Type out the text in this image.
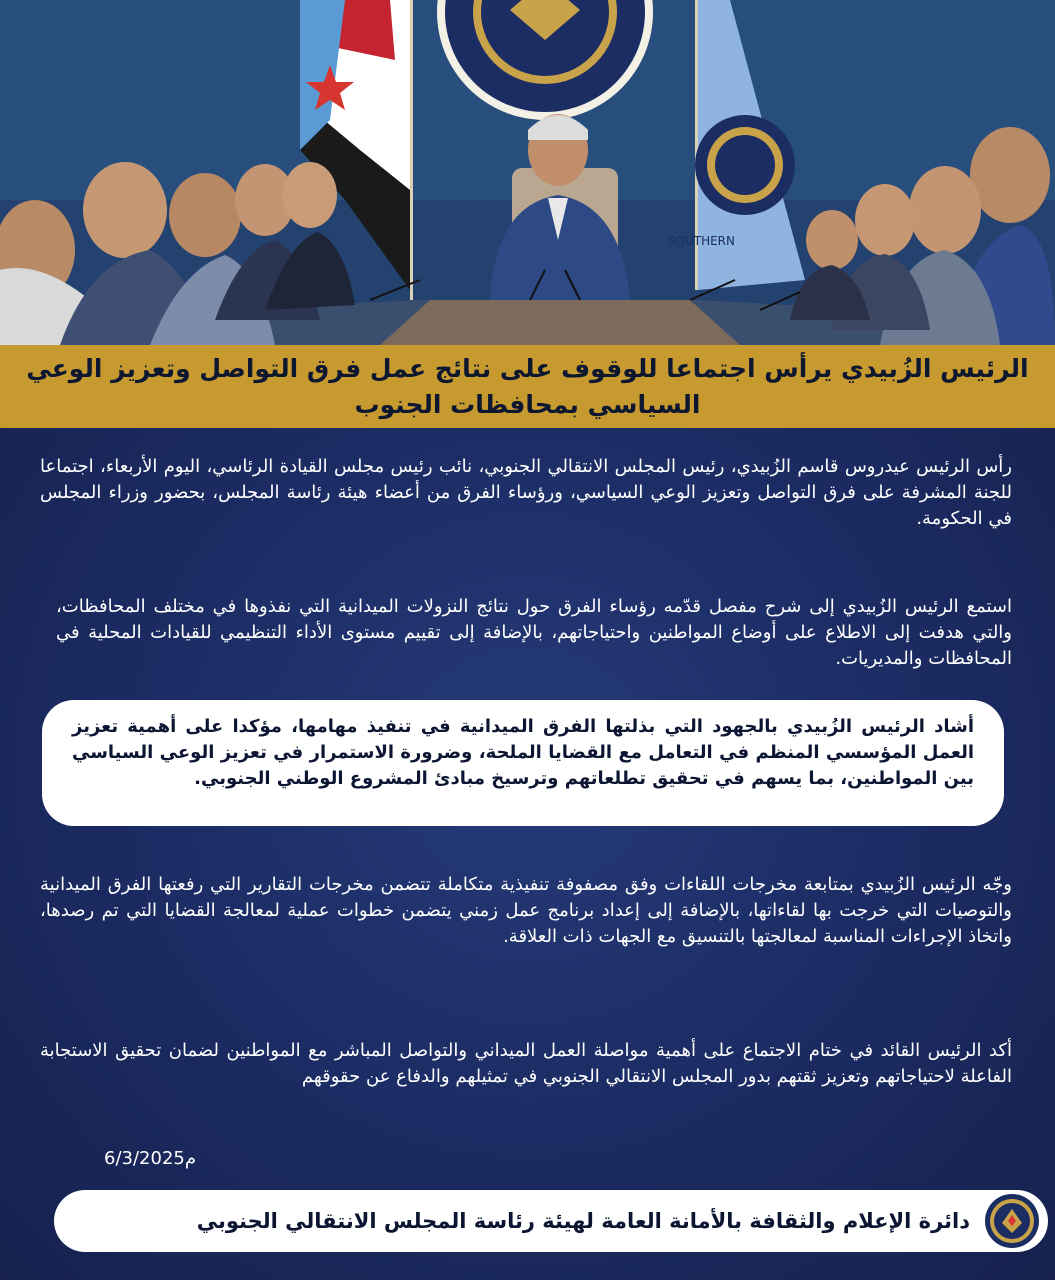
SOUTHERN
الرئيس الزُبيدي يرأس اجتماعا للوقوف على نتائج عمل فرق التواصل وتعزيز الوعي
السياسي بمحافظات الجنوب

رأس الرئيس عيدروس قاسم الزُبيدي، رئيس المجلس الانتقالي الجنوبي، نائب رئيس مجلس القيادة الرئاسي، اليوم الأربعاء، اجتماعا للجنة المشرفة على فرق التواصل وتعزيز الوعي السياسي، ورؤساء الفرق من أعضاء هيئة رئاسة المجلس، بحضور وزراء المجلس في الحكومة.

استمع الرئيس الزُبيدي إلى شرح مفصل قدّمه رؤساء الفرق حول نتائج النزولات الميدانية التي نفذوها في مختلف المحافظات، والتي هدفت إلى الاطلاع على أوضاع المواطنين واحتياجاتهم، بالإضافة إلى تقييم مستوى الأداء التنظيمي للقيادات المحلية في المحافظات والمديريات.

أشاد الرئيس الزُبيدي بالجهود التي بذلتها الفرق الميدانية في تنفيذ مهامها، مؤكدا على أهمية تعزيز العمل المؤسسي المنظم في التعامل مع القضايا الملحة، وضرورة الاستمرار في تعزيز الوعي السياسي بين المواطنين، بما يسهم في تحقيق تطلعاتهم وترسيخ مبادئ المشروع الوطني الجنوبي.

وجّه الرئيس الزُبيدي بمتابعة مخرجات اللقاءات وفق مصفوفة تنفيذية متكاملة تتضمن مخرجات التقارير التي رفعتها الفرق الميدانية والتوصيات التي خرجت بها لقاءاتها، بالإضافة إلى إعداد برنامج عمل زمني يتضمن خطوات عملية لمعالجة القضايا التي تم رصدها، واتخاذ الإجراءات المناسبة لمعالجتها بالتنسيق مع الجهات ذات العلاقة.

أكد الرئيس القائد في ختام الاجتماع على أهمية مواصلة العمل الميداني والتواصل المباشر مع المواطنين لضمان تحقيق الاستجابة الفاعلة لاحتياجاتهم وتعزيز ثقتهم بدور المجلس الانتقالي الجنوبي في تمثيلهم والدفاع عن حقوقهم

6/3/2025م
دائرة الإعلام والثقافة بالأمانة العامة لهيئة رئاسة المجلس الانتقالي الجنوبي
